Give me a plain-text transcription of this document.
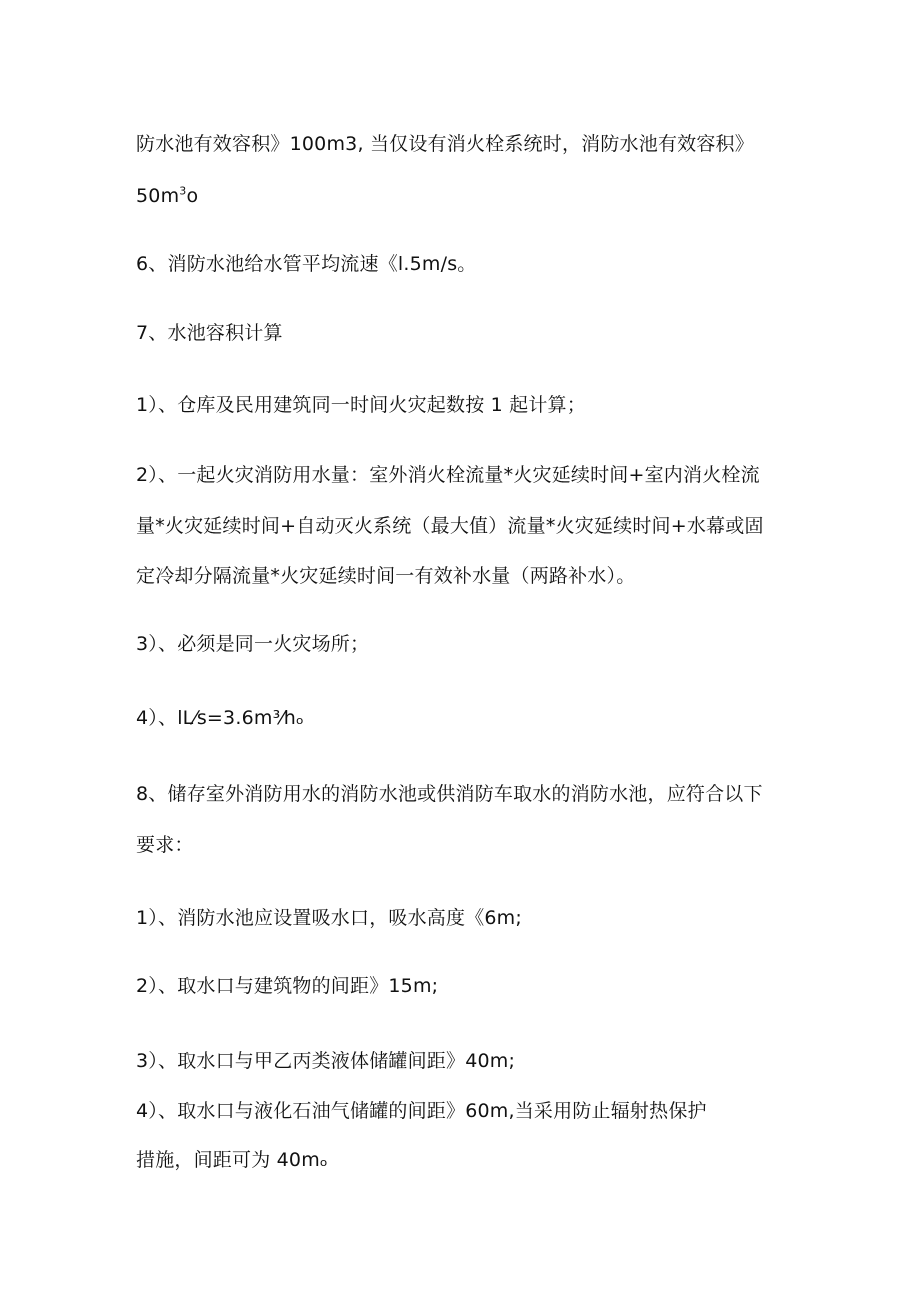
防水池有效容积》100m3, 当仅设有消火栓系统时，消防水池有效容积》
$50m^3o$
6、消防水池给水管平均流速《l.5m/s。
7、水池容积计算
1）、仓库及民用建筑同一时间火灾起数按 1 起计算；
2）、一起火灾消防用水量：室外消火栓流量*火灾延续时间+室内消火栓流
量*火灾延续时间+自动灭火系统（最大值）流量*火灾延续时间+水幕或固
定冷却分隔流量*火灾延续时间一有效补水量（两路补水）。
3）、必须是同一火灾场所；
4）、lL⁄s=3.6m³⁄hₒ
8、储存室外消防用水的消防水池或供消防车取水的消防水池，应符合以下
要求：
1）、消防水池应设置吸水口，吸水高度《6m;
2）、取水口与建筑物的间距》15m;
3）、取水口与甲乙丙类液体储罐间距》40m;
4）、取水口与液化石油气储罐的间距》60m,当采用防止辐射热保护
措施，间距可为 40mₒ
